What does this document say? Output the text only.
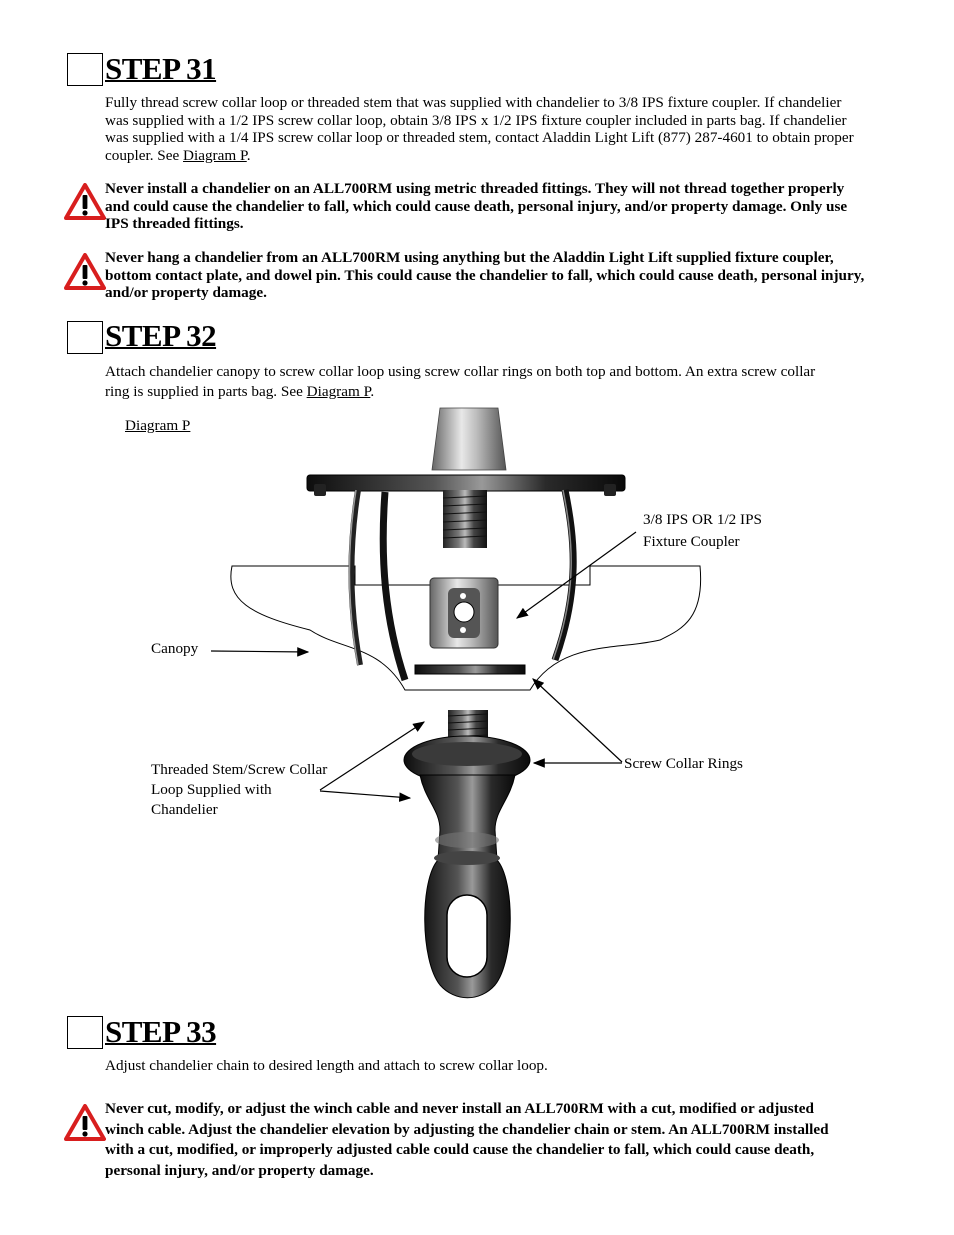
STEP 31
Fully thread screw collar loop or threaded stem that was supplied with chandelier to 3/8 IPS fixture coupler. If chandelier was supplied with a 1/2 IPS screw collar loop, obtain 3/8 IPS x 1/2 IPS fixture coupler included in parts bag. If chandelier was supplied with a 1/4 IPS screw collar loop or threaded stem, contact Aladdin Light Lift (877) 287-4601 to obtain proper coupler. See Diagram P.
Never install a chandelier on an ALL700RM using metric threaded fittings. They will not thread together properly and could cause the chandelier to fall, which could cause death, personal injury, and/or property damage. Only use IPS threaded fittings.
Never hang a chandelier from an ALL700RM using anything but the Aladdin Light Lift supplied fixture coupler, bottom contact plate, and dowel pin. This could cause the chandelier to fall, which could cause death, personal injury, and/or property damage.
STEP 32
Attach chandelier canopy to screw collar loop using screw collar rings on both top and bottom. An extra screw collar ring is supplied in parts bag. See Diagram P.
Diagram P
3/8 IPS OR 1/2 IPS
Fixture Coupler
Canopy
Threaded Stem/Screw Collar
Loop Supplied with
Chandelier
Screw Collar Rings
STEP 33
Adjust chandelier chain to desired length and attach to screw collar loop.
Never cut, modify, or adjust the winch cable and never install an ALL700RM with a cut, modified or adjusted winch cable. Adjust the chandelier elevation by adjusting the chandelier chain or stem. An ALL700RM installed with a cut, modified, or improperly adjusted cable could cause the chandelier to fall, which could cause death, personal injury, and/or property damage.
